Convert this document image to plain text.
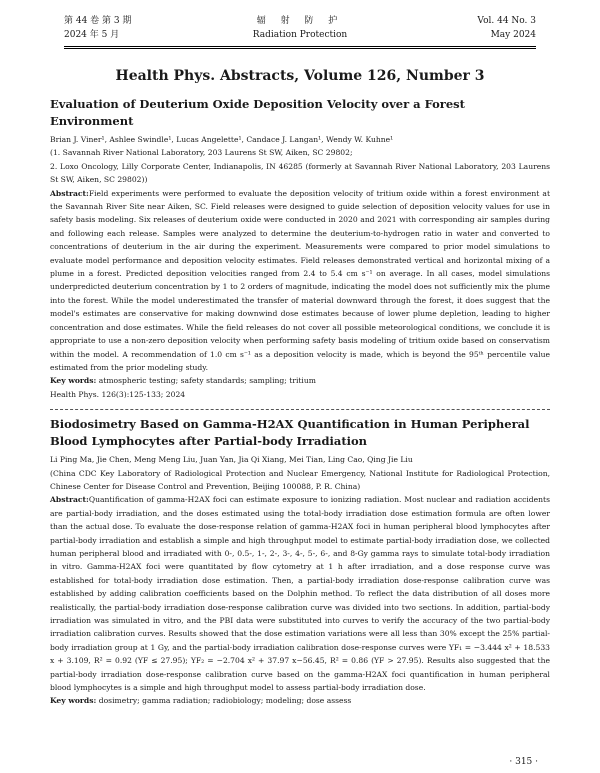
第 44 卷 第 3 期
2024 年 5 月
辐 射 防 护
Radiation Protection
Vol. 44 No. 3
May 2024
Health Phys. Abstracts, Volume 126, Number 3
Evaluation of Deuterium Oxide Deposition Velocity over a Forest Environment

Brian J. Viner¹, Ashlee Swindle¹, Lucas Angelette¹, Candace J. Langan¹, Wendy W. Kuhne¹

(1. Savannah River National Laboratory, 203 Laurens St SW, Aiken, SC 29802;

2. Loxo Oncology, Lilly Corporate Center, Indianapolis, IN 46285 (formerly at Savannah River National Laboratory, 203 Laurens St SW, Aiken, SC 29802))

Abstract:Field experiments were performed to evaluate the deposition velocity of tritium oxide within a forest environment at the Savannah River Site near Aiken, SC. Field releases were designed to guide selection of deposition velocity values for use in safety basis modeling. Six releases of deuterium oxide were conducted in 2020 and 2021 with corresponding air samples during and following each release. Samples were analyzed to determine the deuterium-to-hydrogen ratio in water and converted to concentrations of deuterium in the air during the experiment. Measurements were compared to prior model simulations to evaluate model performance and deposition velocity estimates. Field releases demonstrated vertical and horizontal mixing of a plume in a forest. Predicted deposition velocities ranged from 2.4 to 5.4 cm s⁻¹ on average. In all cases, model simulations underpredicted deuterium concentration by 1 to 2 orders of magnitude, indicating the model does not sufficiently mix the plume into the forest. While the model underestimated the transfer of material downward through the forest, it does suggest that the model's estimates are conservative for making downwind dose estimates because of lower plume depletion, leading to higher concentration and dose estimates. While the field releases do not cover all possible meteorological conditions, we conclude it is appropriate to use a non-zero deposition velocity when performing safety basis modeling of tritium oxide based on conservatism within the model. A recommendation of 1.0 cm s⁻¹ as a deposition velocity is made, which is beyond the 95ᵗʰ percentile value estimated from the prior modeling study.

Key words: atmospheric testing; safety standards; sampling; tritium

Health Phys. 126(3):125-133; 2024

Biodosimetry Based on Gamma-H2AX Quantification in Human Peripheral Blood Lymphocytes after Partial-body Irradiation

Li Ping Ma, Jie Chen, Meng Meng Liu, Juan Yan, Jia Qi Xiang, Mei Tian, Ling Cao, Qing Jie Liu

(China CDC Key Laboratory of Radiological Protection and Nuclear Emergency, National Institute for Radiological Protection, Chinese Center for Disease Control and Prevention, Beijing 100088, P. R. China)

Abstract:Quantification of gamma-H2AX foci can estimate exposure to ionizing radiation. Most nuclear and radiation accidents are partial-body irradiation, and the doses estimated using the total-body irradiation dose estimation formula are often lower than the actual dose. To evaluate the dose-response relation of gamma-H2AX foci in human peripheral blood lymphocytes after partial-body irradiation and establish a simple and high throughput model to estimate partial-body irradiation dose, we collected human peripheral blood and irradiated with 0-, 0.5-, 1-, 2-, 3-, 4-, 5-, 6-, and 8-Gy gamma rays to simulate total-body irradiation in vitro. Gamma-H2AX foci were quantitated by flow cytometry at 1 h after irradiation, and a dose response curve was established for total-body irradiation dose estimation. Then, a partial-body irradiation dose-response calibration curve was established by adding calibration coefficients based on the Dolphin method. To reflect the data distribution of all doses more realistically, the partial-body irradiation dose-response calibration curve was divided into two sections. In addition, partial-body irradiation was simulated in vitro, and the PBI data were substituted into curves to verify the accuracy of the two partial-body irradiation calibration curves. Results showed that the dose estimation variations were all less than 30% except the 25% partial-body irradiation group at 1 Gy, and the partial-body irradiation calibration dose-response curves were YF₁ = −3.444 x² + 18.533 x + 3.109, R² = 0.92 (YF ≤ 27.95); YF₂ = −2.704 x² + 37.97 x−56.45, R² = 0.86 (YF > 27.95). Results also suggested that the partial-body irradiation dose-response calibration curve based on the gamma-H2AX foci quantification in human peripheral blood lymphocytes is a simple and high throughput model to assess partial-body irradiation dose.

Key words: dosimetry; gamma radiation; radiobiology; modeling; dose assess

· 315 ·
